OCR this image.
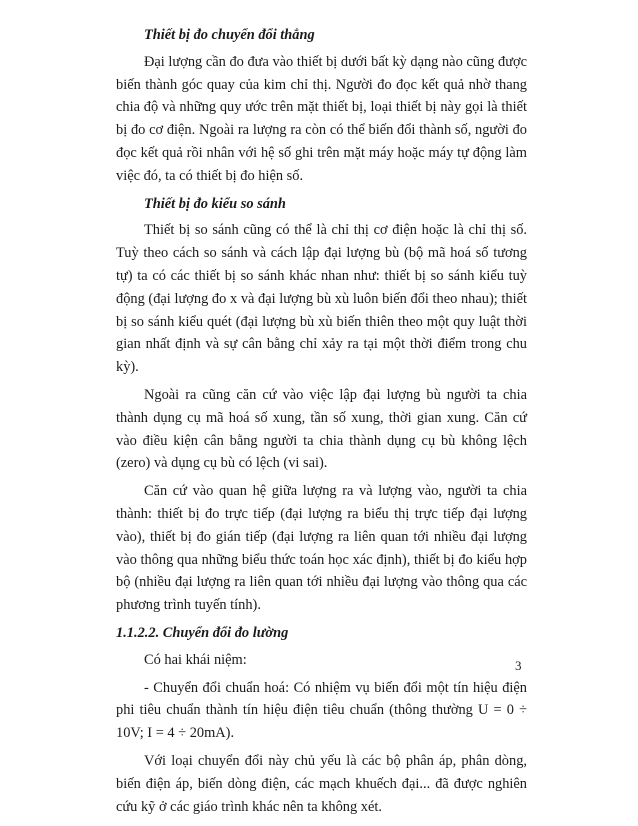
Thiết bị đo chuyển đổi thẳng

Đại lượng cần đo đưa vào thiết bị dưới bất kỳ dạng nào cũng được biến thành góc quay của kim chỉ thị. Người đo đọc kết quả nhờ thang chia độ và những quy ước trên mặt thiết bị, loại thiết bị này gọi là thiết bị đo cơ điện. Ngoài ra lượng ra còn có thể biến đổi thành số, người đo đọc kết quả rồi nhân với hệ số ghi trên mặt máy hoặc máy tự động làm việc đó, ta có thiết bị đo hiện số.

Thiết bị đo kiểu so sánh

Thiết bị so sánh cũng có thể là chỉ thị cơ điện hoặc là chỉ thị số. Tuỳ theo cách so sánh và cách lập đại lượng bù (bộ mã hoá số tương tự) ta có các thiết bị so sánh khác nhan như: thiết bị so sánh kiểu tuỳ động (đại lượng đo x và đại lượng bù xù luôn biến đổi theo nhau); thiết bị so sánh kiểu quét (đại lượng bù xù biến thiên theo một quy luật thời gian nhất định và sự cân bằng chỉ xảy ra tại một thời điểm trong chu kỳ).

Ngoài ra cũng căn cứ vào việc lập đại lượng bù người ta chia thành dụng cụ mã hoá số xung, tần số xung, thời gian xung. Căn cứ vào điều kiện cân bằng người ta chia thành dụng cụ bù không lệch (zero) và dụng cụ bù có lệch (vi sai).

Căn cứ vào quan hệ giữa lượng ra và lượng vào, người ta chia thành: thiết bị đo trực tiếp (đại lượng ra biểu thị trực tiếp đại lượng vào), thiết bị đo gián tiếp (đại lượng ra liên quan tới nhiều đại lượng vào thông qua những biểu thức toán học xác định), thiết bị đo kiểu hợp bộ (nhiều đại lượng ra liên quan tới nhiều đại lượng vào thông qua các phương trình tuyến tính).

1.1.2.2. Chuyển đổi đo lường

Có hai khái niệm:

- Chuyển đổi chuẩn hoá: Có nhiệm vụ biến đổi một tín hiệu điện phi tiêu chuẩn thành tín hiệu điện tiêu chuẩn (thông thường U = 0 ÷ 10V; I = 4 ÷ 20mA).

Với loại chuyển đổi này chủ yếu là các bộ phân áp, phân dòng, biến điện áp, biến dòng điện, các mạch khuếch đại... đã được nghiên cứu kỹ ở các giáo trình khác nên ta không xét.

3
